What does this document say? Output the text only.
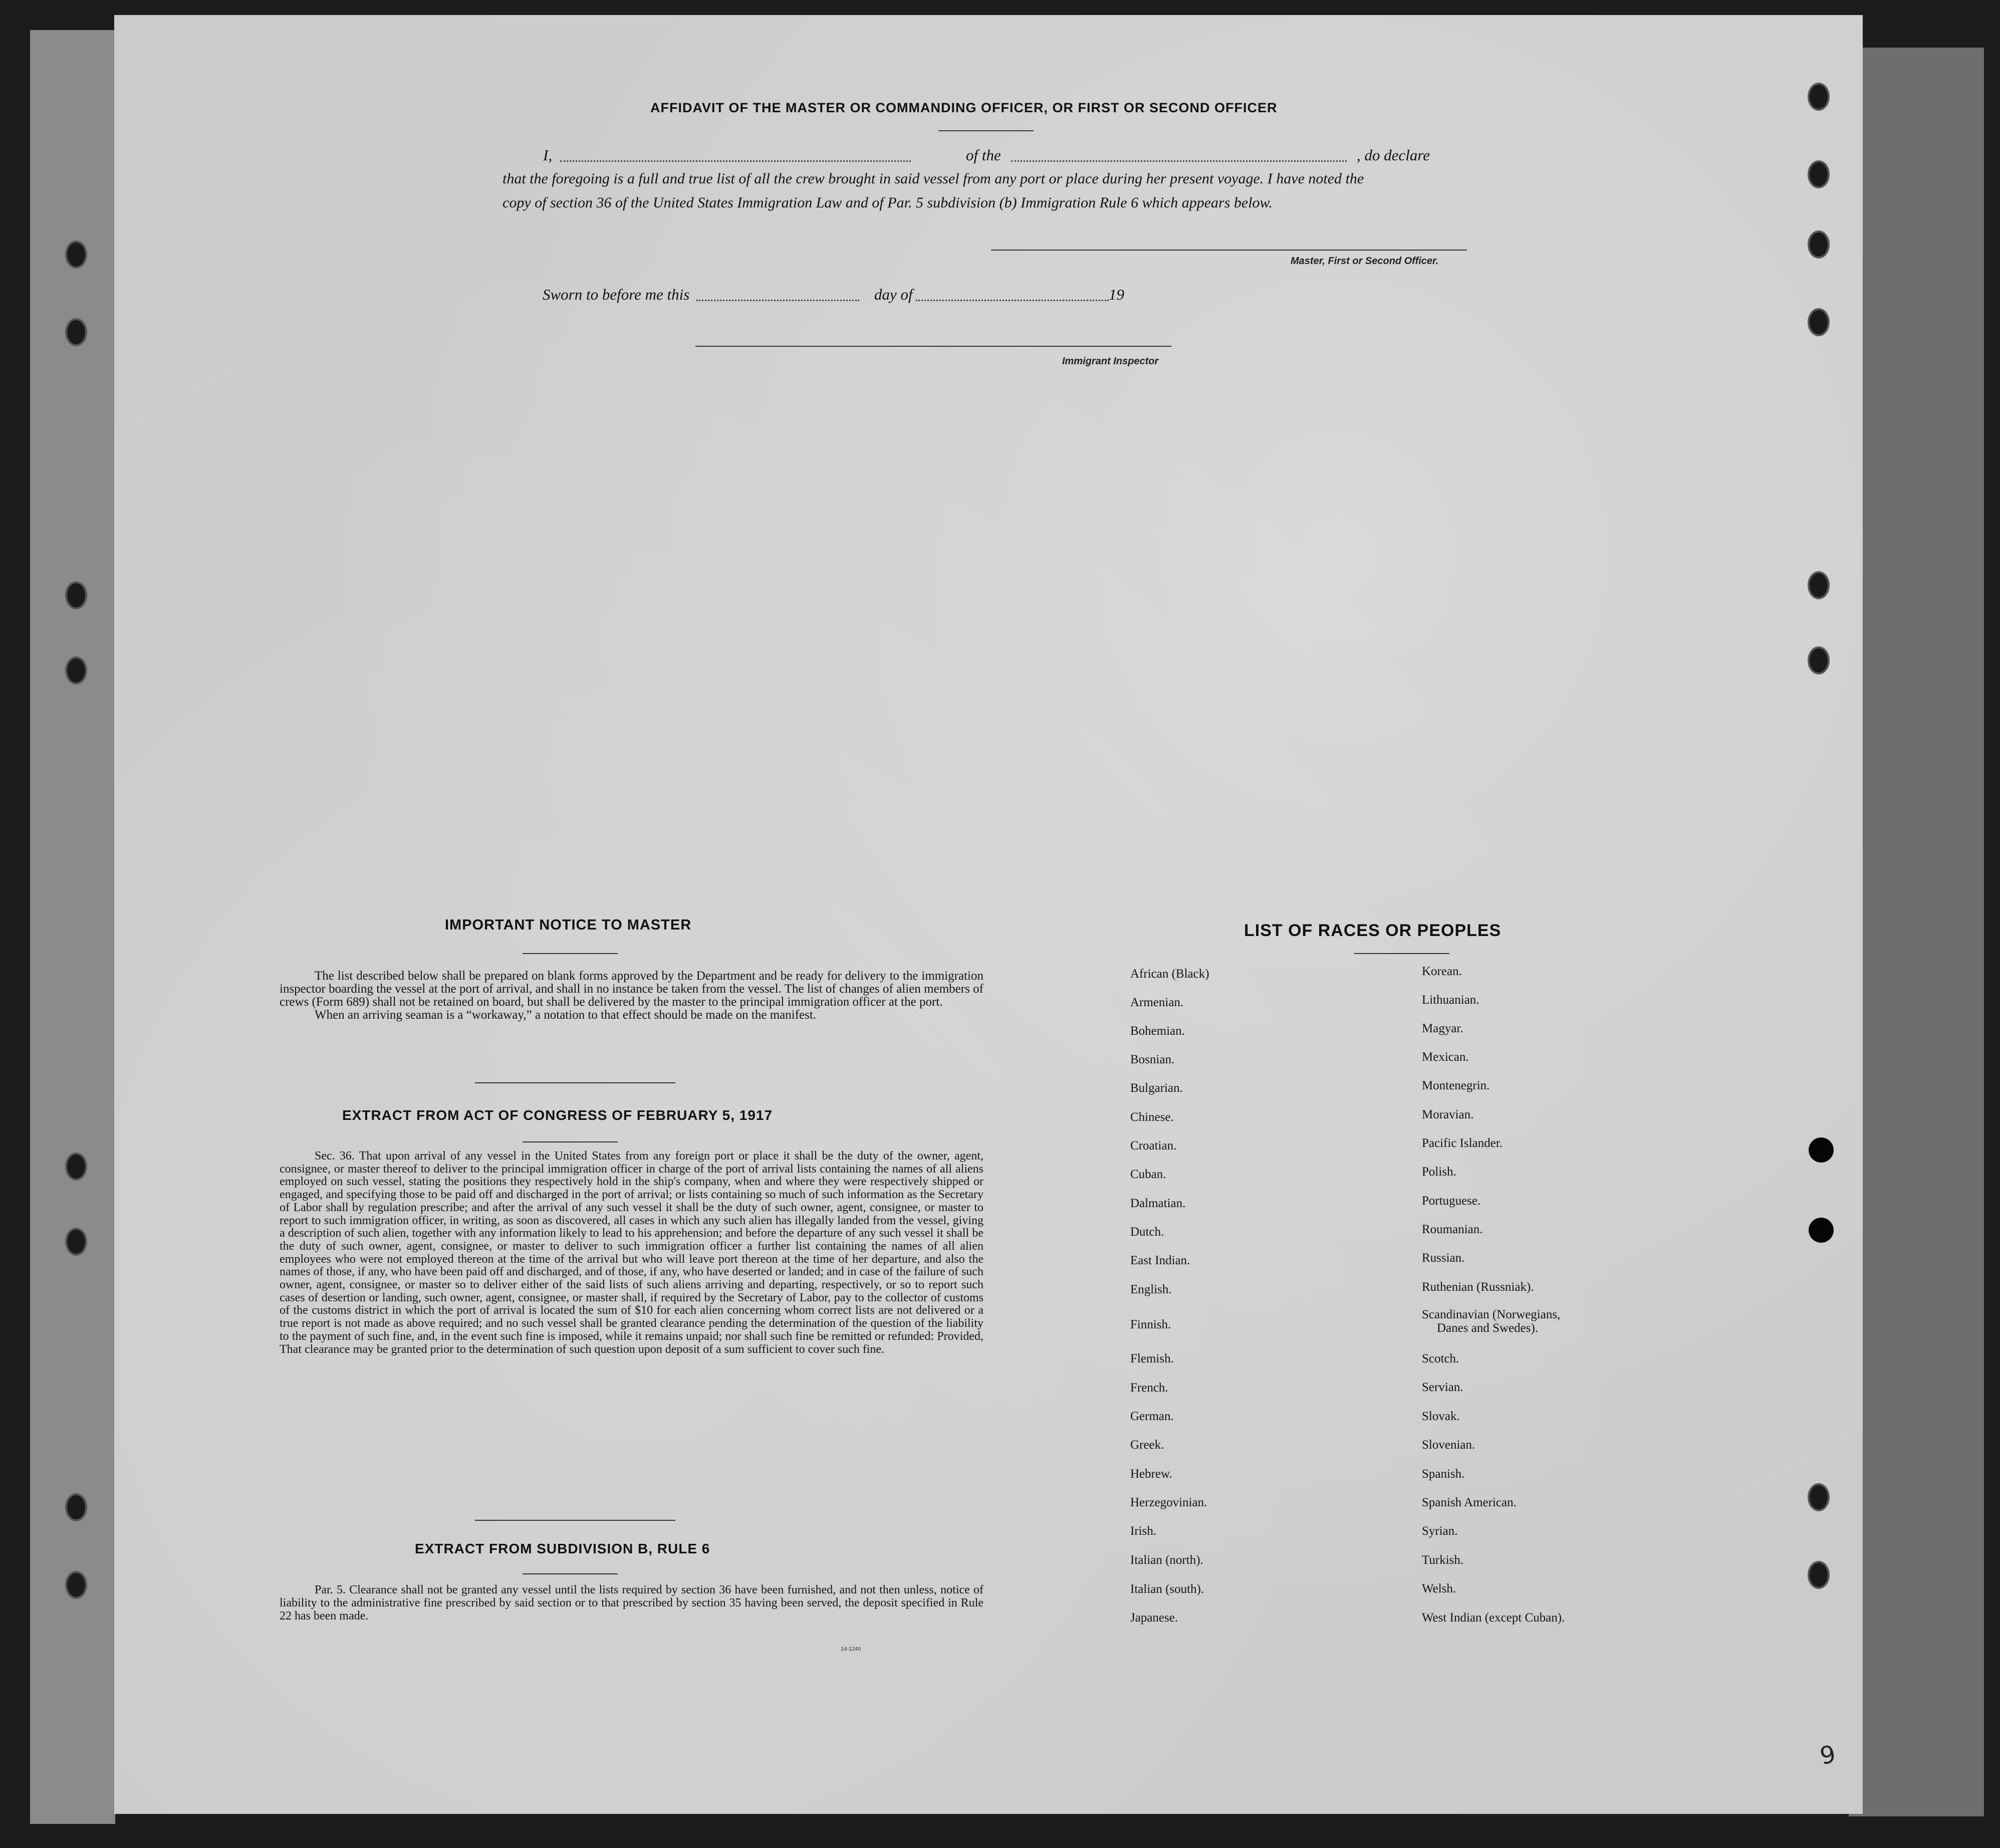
AFFIDAVIT OF THE MASTER OR COMMANDING OFFICER, OR FIRST OR SECOND OFFICER
I,	of the	, do declare
that the foregoing is a full and true list of all the crew brought in said vessel from any port or place during her present voyage. I have noted the
copy of section 36 of the United States Immigration Law and of Par. 5 subdivision (b) Immigration Rule 6 which appears below.
Master, First or Second Officer.
Sworn to before me this	day of	19
Immigrant Inspector
IMPORTANT NOTICE TO MASTER

The list described below shall be prepared on blank forms approved by the Department and be ready for delivery to the immigration inspector boarding the vessel at the port of arrival, and shall in no instance be taken from the vessel. The list of changes of alien members of crews (Form 689) shall not be retained on board, but shall be delivered by the master to the principal immigration officer at the port.

When an arriving seaman is a “workaway,” a notation to that effect should be made on the manifest.

EXTRACT FROM ACT OF CONGRESS OF FEBRUARY 5, 1917

Sec. 36. That upon arrival of any vessel in the United States from any foreign port or place it shall be the duty of the owner, agent, consignee, or master thereof to deliver to the principal immigration officer in charge of the port of arrival lists containing the names of all aliens employed on such vessel, stating the positions they respectively hold in the ship's company, when and where they were respectively shipped or engaged, and specifying those to be paid off and discharged in the port of arrival; or lists containing so much of such information as the Secretary of Labor shall by regulation prescribe; and after the arrival of any such vessel it shall be the duty of such owner, agent, consignee, or master to report to such immigration officer, in writing, as soon as discovered, all cases in which any such alien has illegally landed from the vessel, giving a description of such alien, together with any information likely to lead to his apprehension; and before the departure of any such vessel it shall be the duty of such owner, agent, consignee, or master to deliver to such immigration officer a further list containing the names of all alien employees who were not employed thereon at the time of the arrival but who will leave port thereon at the time of her departure, and also the names of those, if any, who have been paid off and discharged, and of those, if any, who have deserted or landed; and in case of the failure of such owner, agent, consignee, or master so to deliver either of the said lists of such aliens arriving and departing, respectively, or so to report such cases of desertion or landing, such owner, agent, consignee, or master shall, if required by the Secretary of Labor, pay to the collector of customs of the customs district in which the port of arrival is located the sum of $10 for each alien concerning whom correct lists are not delivered or a true report is not made as above required; and no such vessel shall be granted clearance pending the determination of the question of the liability to the payment of such fine, and, in the event such fine is imposed, while it remains unpaid; nor shall such fine be remitted or refunded: Provided, That clearance may be granted prior to the determination of such question upon deposit of a sum sufficient to cover such fine.

EXTRACT FROM SUBDIVISION B, RULE 6

Par. 5. Clearance shall not be granted any vessel until the lists required by section 36 have been furnished, and not then unless, notice of liability to the administrative fine prescribed by said section or to that prescribed by section 35 having been served, the deposit specified in Rule 22 has been made.

14-1240
LIST OF RACES OR PEOPLES
African (Black)
Armenian.
Bohemian.
Bosnian.
Bulgarian.
Chinese.
Croatian.
Cuban.
Dalmatian.
Dutch.
East Indian.
English.
Finnish.
Flemish.
French.
German.
Greek.
Hebrew.
Herzegovinian.
Irish.
Italian (north).
Italian (south).
Japanese.
Korean.
Lithuanian.
Magyar.
Mexican.
Montenegrin.
Moravian.
Pacific Islander.
Polish.
Portuguese.
Roumanian.
Russian.
Ruthenian (Russniak).
Scandinavian (Norwegians,
Danes and Swedes).
Scotch.
Servian.
Slovak.
Slovenian.
Spanish.
Spanish American.
Syrian.
Turkish.
Welsh.
West Indian (except Cuban).
9
